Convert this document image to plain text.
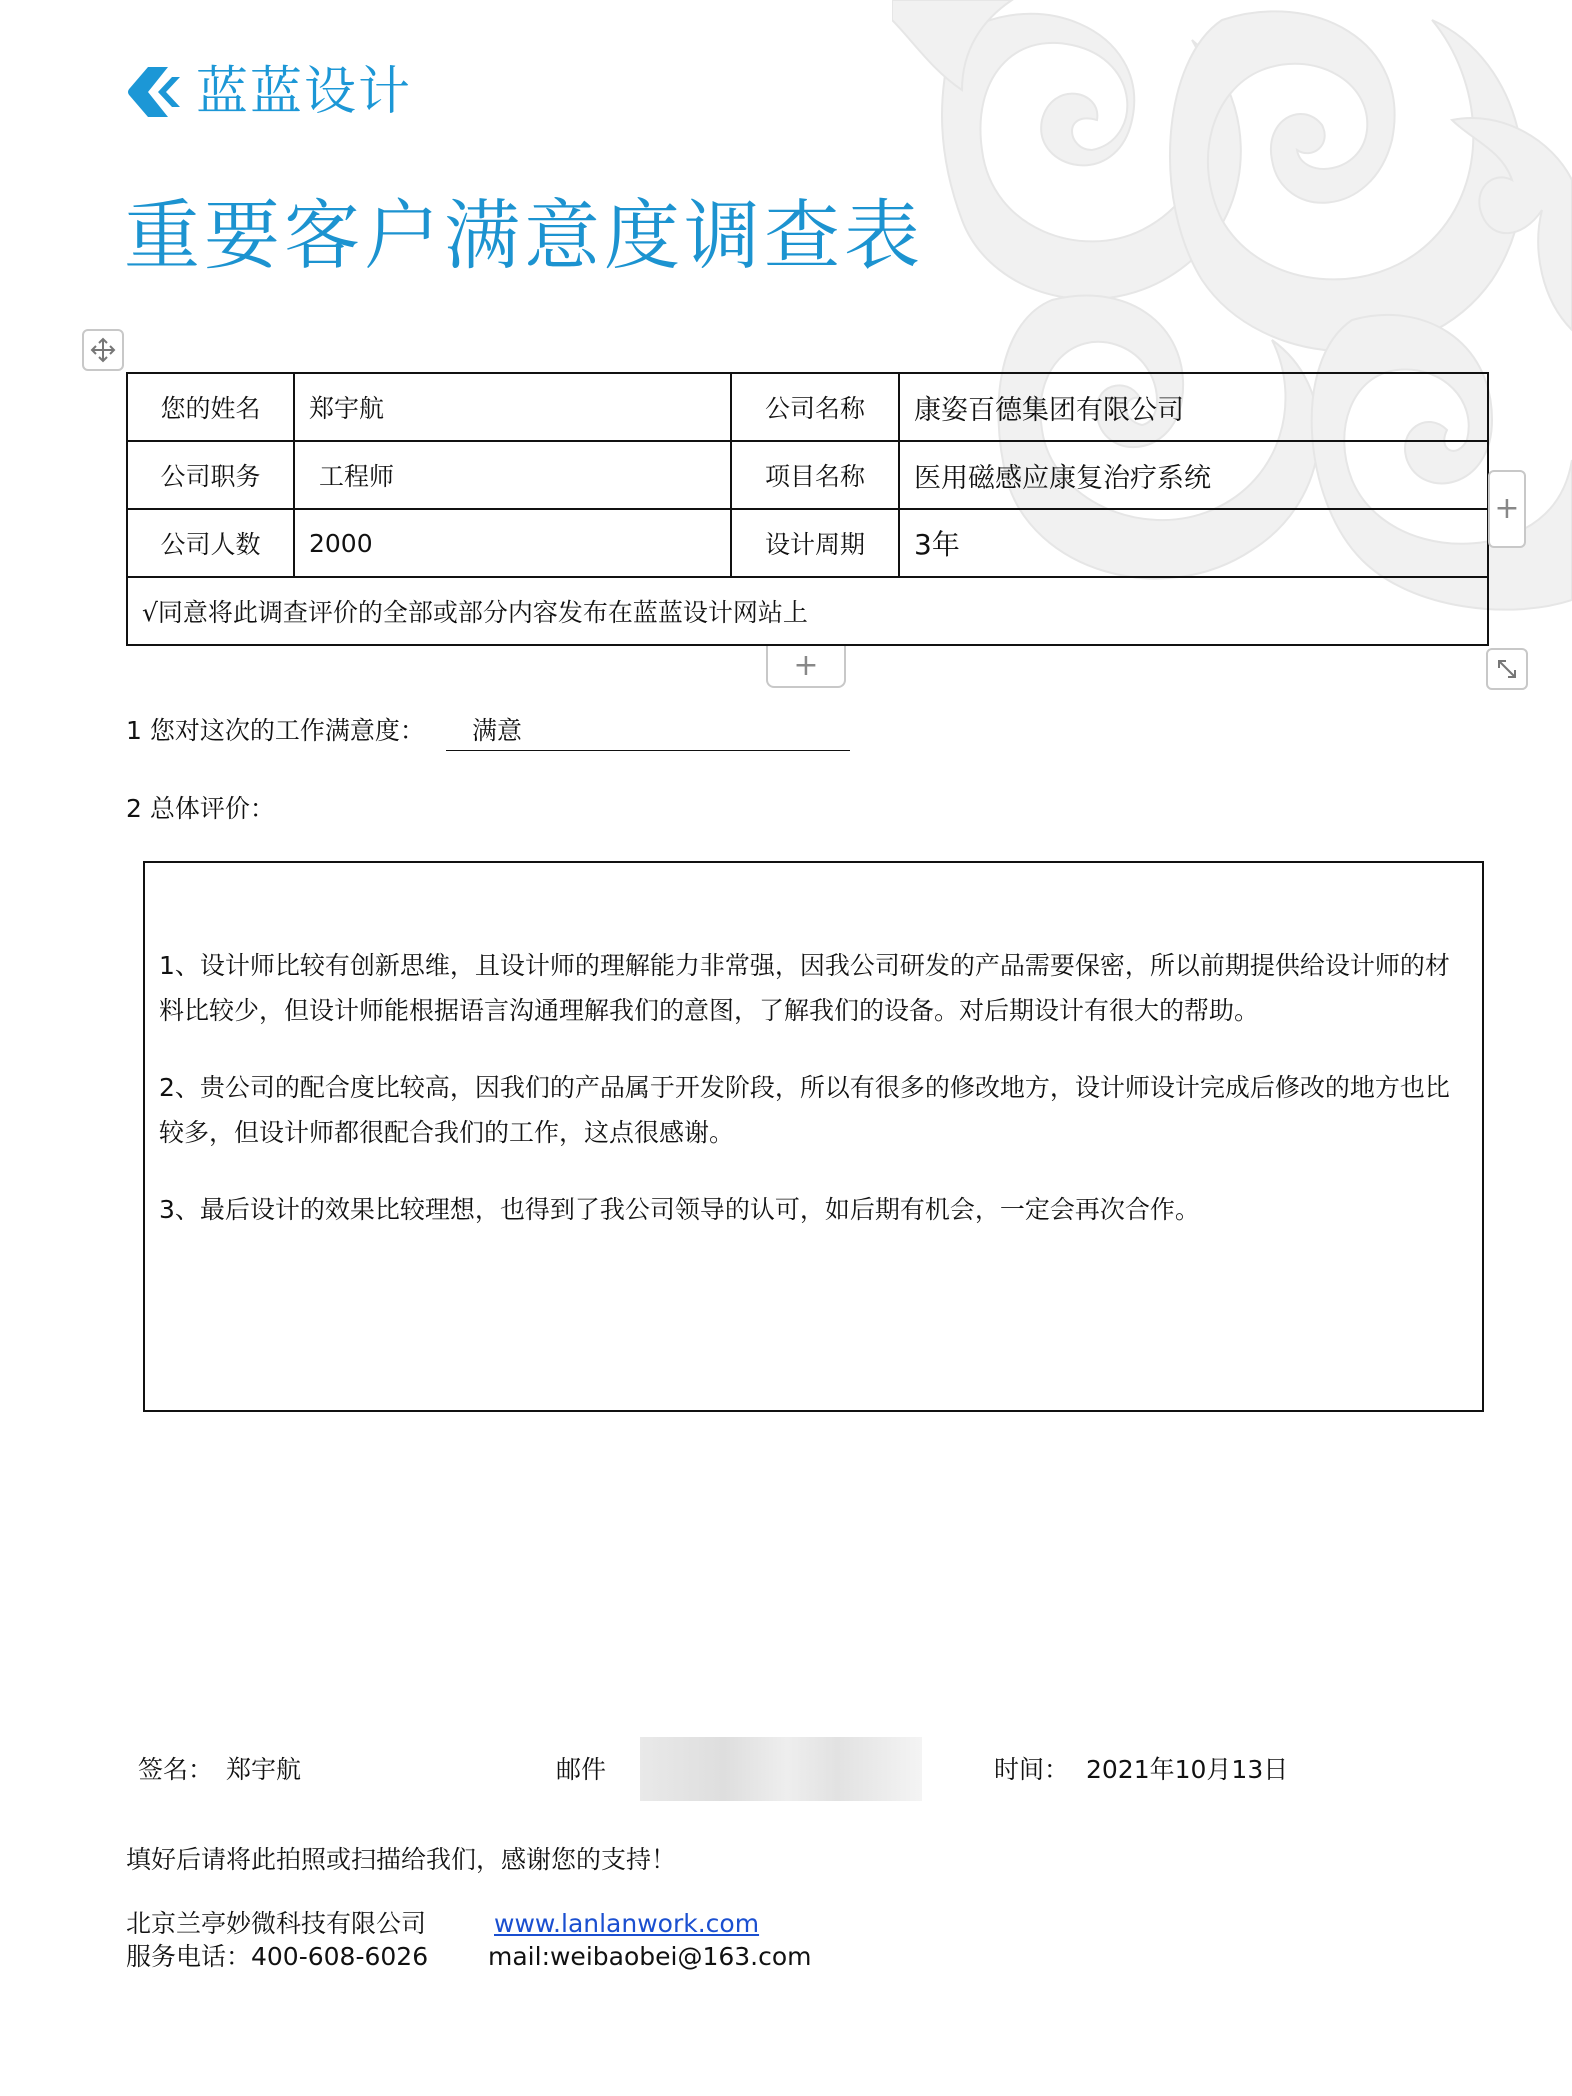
蓝蓝设计
重要客户满意度调查表
您的姓名	郑宇航	公司名称	康姿百德集团有限公司
公司职务	工程师	项目名称	医用磁感应康复治疗系统
公司人数	2000	设计周期	3年
√同意将此调查评价的全部或部分内容发布在蓝蓝设计网站上			
+
+
1 您对这次的工作满意度：	满意
2 总体评价：

1、设计师比较有创新思维，且设计师的理解能力非常强，因我公司研发的产品需要保密，所以前期提供给设计师的材料比较少，但设计师能根据语言沟通理解我们的意图，了解我们的设备。对后期设计有很大的帮助。

2、贵公司的配合度比较高，因我们的产品属于开发阶段，所以有很多的修改地方，设计师设计完成后修改的地方也比较多，但设计师都很配合我们的工作，这点很感谢。

3、最后设计的效果比较理想，也得到了我公司领导的认可，如后期有机会，一定会再次合作。

签名： 郑宇航	邮件	时间： 2021年10月13日
填好后请将此拍照或扫描给我们，感谢您的支持！
北京兰亭妙微科技有限公司	www.lanlanwork.com
服务电话：400-608-6026 mail:weibaobei@163.com
